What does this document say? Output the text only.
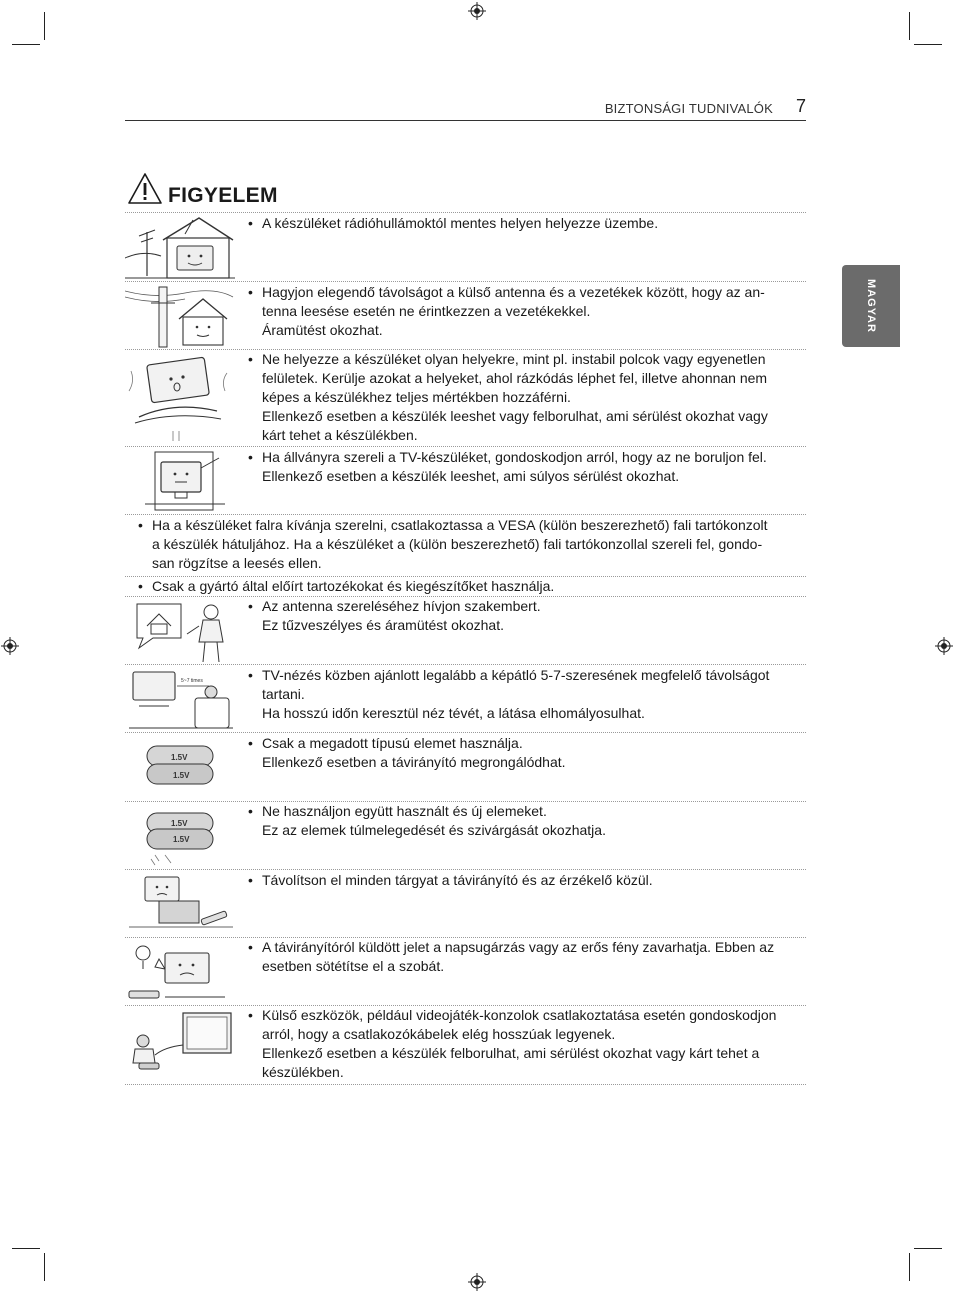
BIZTONSÁGI TUDNIVALÓK 7
MAGYAR
FIGYELEM
5~7 times
1.5V
1.5V
1.5V
1.5V
• A készüléket rádióhullámoktól mentes helyen helyezze üzembe.

• Hagyjon elegendő távolságot a külső antenna és a vezetékek között, hogy az an-

tenna leesése esetén ne érintkezzen a vezetékekkel.

Áramütést okozhat.

• Ne helyezze a készüléket olyan helyekre, mint pl. instabil polcok vagy egyenetlen

felületek. Kerülje azokat a helyeket, ahol rázkódás léphet fel, illetve ahonnan nem

képes a készülékhez teljes mértékben hozzáférni.

Ellenkező esetben a készülék leeshet vagy felborulhat, ami sérülést okozhat vagy

kárt tehet a készülékben.

• Ha állványra szereli a TV-készüléket, gondoskodjon arról, hogy az ne boruljon fel.

Ellenkező esetben a készülék leeshet, ami súlyos sérülést okozhat.

• Ha a készüléket falra kívánja szerelni, csatlakoztassa a VESA (külön beszerezhető) fali tartókonzolt

a készülék hátuljához. Ha a készüléket a (külön beszerezhető) fali tartókonzollal szereli fel, gondo-

san rögzítse a leesés ellen.

• Csak a gyártó által előírt tartozékokat és kiegészítőket használja.

• Az antenna szereléséhez hívjon szakembert.

Ez tűzveszélyes és áramütést okozhat.

• TV-nézés közben ajánlott legalább a képátló 5-7-szeresének megfelelő távolságot

tartani.

Ha hosszú időn keresztül néz tévét, a látása elhomályosulhat.

• Csak a megadott típusú elemet használja.

Ellenkező esetben a távirányító megrongálódhat.

• Ne használjon együtt használt és új elemeket.

Ez az elemek túlmelegedését és szivárgását okozhatja.

• Távolítson el minden tárgyat a távirányító és az érzékelő közül.

• A távirányítóról küldött jelet a napsugárzás vagy az erős fény zavarhatja. Ebben az

esetben sötétítse el a szobát.

• Külső eszközök, például videojáték-konzolok csatlakoztatása esetén gondoskodjon

arról, hogy a csatlakozókábelek elég hosszúak legyenek.

Ellenkező esetben a készülék felborulhat, ami sérülést okozhat vagy kárt tehet a

készülékben.
